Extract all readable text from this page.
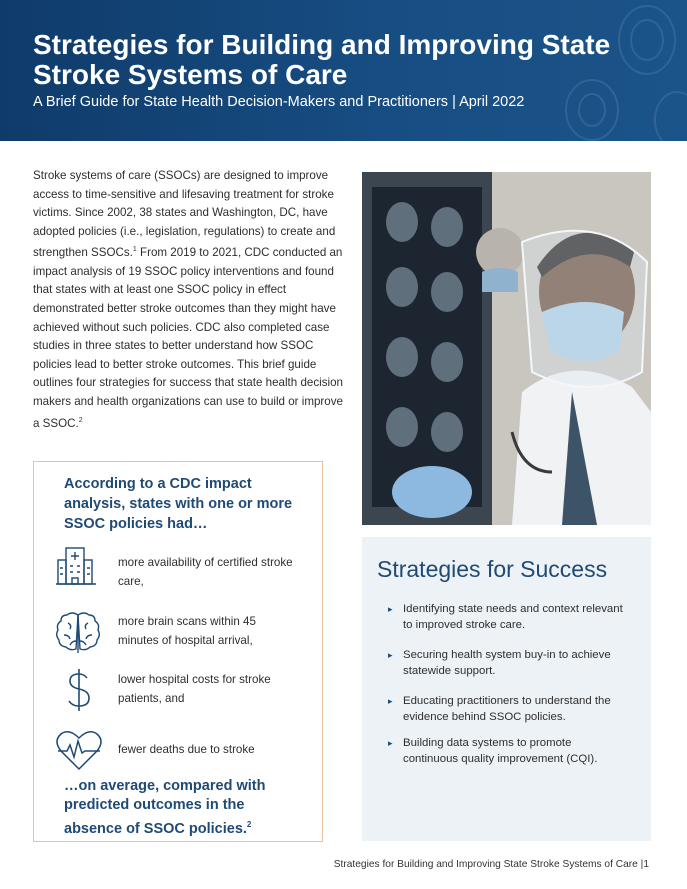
Strategies for Building and Improving State Stroke Systems of Care
A Brief Guide for State Health Decision-Makers and Practitioners | April 2022

Stroke systems of care (SSOCs) are designed to improve access to time-sensitive and lifesaving treatment for stroke victims. Since 2002, 38 states and Washington, DC, have adopted policies (i.e., legislation, regulations) to create and strengthen SSOCs.$^1$ From 2019 to 2021, CDC conducted an impact analysis of 19 SSOC policy interventions and found that states with at least one SSOC policy in effect demonstrated better stroke outcomes than they might have achieved without such policies. CDC also completed case studies in three states to better understand how SSOC policies lead to better stroke outcomes. This brief guide outlines four strategies for success that state health decision makers and health organizations can use to build or improve a SSOC.$^2$

According to a CDC impact analysis, states with one or more SSOC policies had…

more availability of certified stroke care,
more brain scans within 45 minutes of hospital arrival,
lower hospital costs for stroke patients, and
fewer deaths due to stroke

…on average, compared with predicted outcomes in the absence of SSOC policies.$^2$

Strategies for Success
▸ Identifying state needs and context relevant to improved stroke care.
▸ Securing health system buy-in to achieve statewide support.
▸ Educating practitioners to understand the evidence behind SSOC policies.
▸ Building data systems to promote continuous quality improvement (CQI).
Strategies for Building and Improving State Stroke Systems of Care |1
